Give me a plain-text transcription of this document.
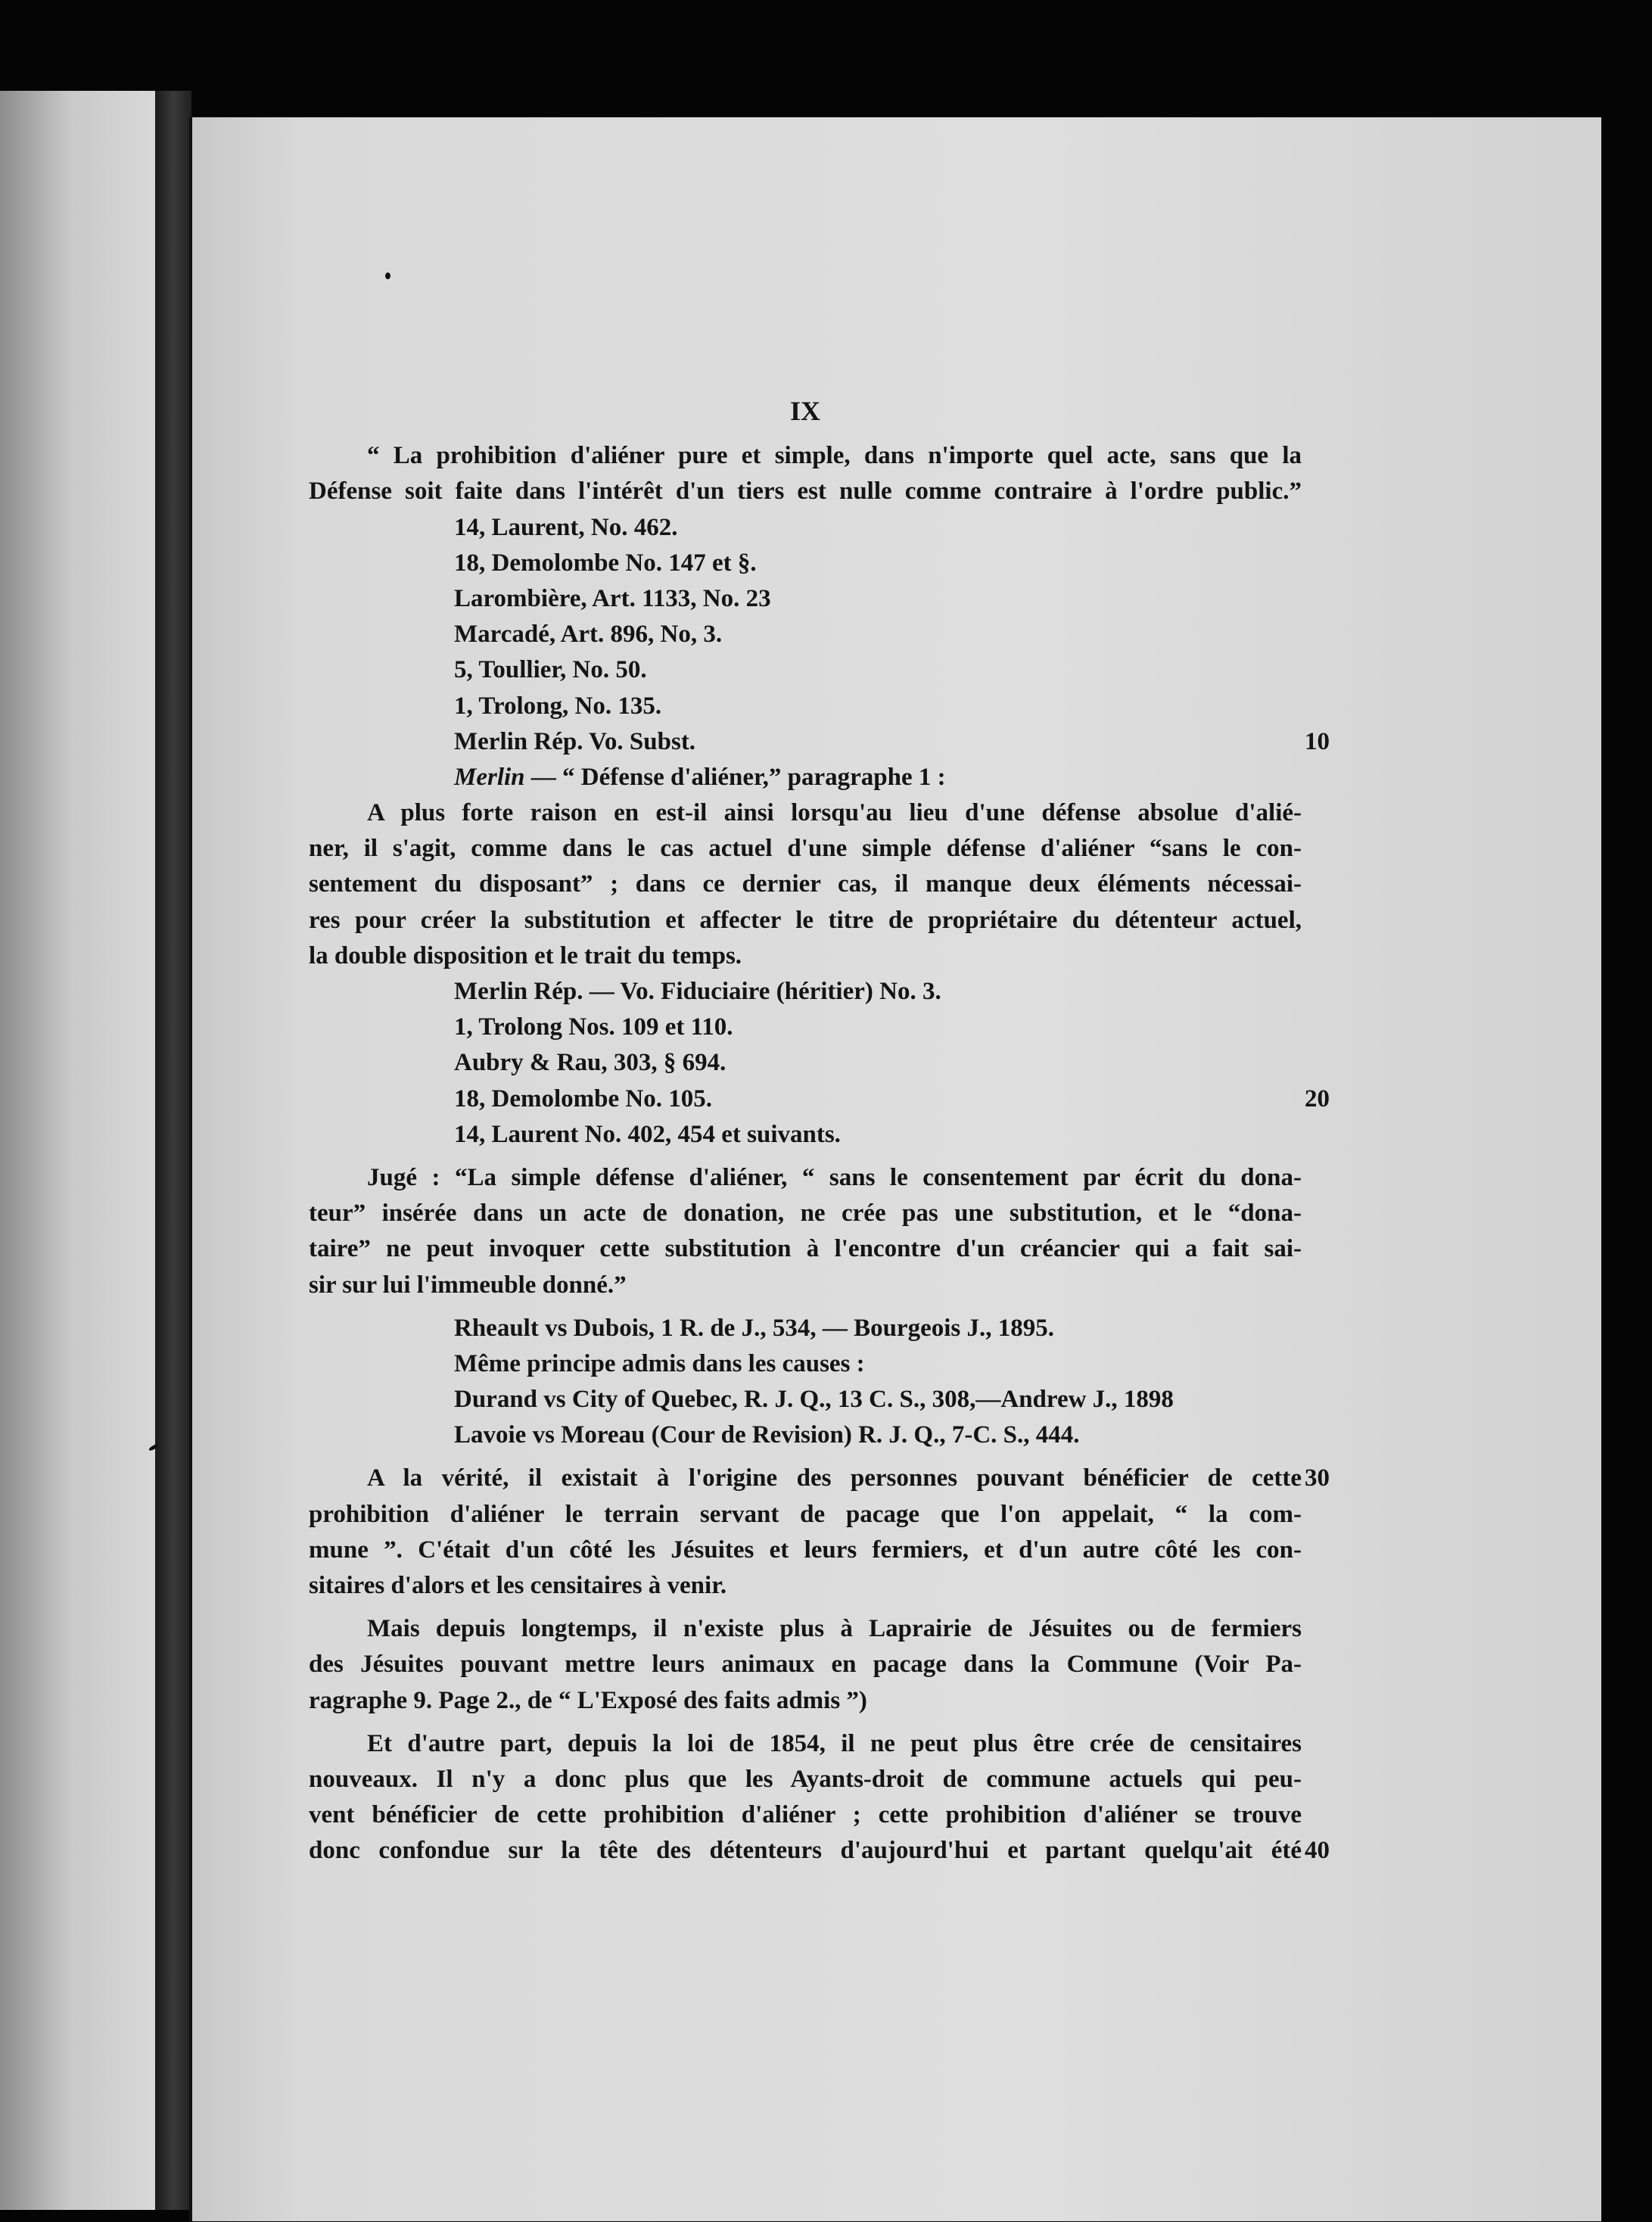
IX
“ La prohibition d'aliéner pure et simple, dans n'importe quel acte, sans que la
Défense soit faite dans l'intérêt d'un tiers est nulle comme contraire à l'ordre public.”
14, Laurent, No. 462.
18, Demolombe No. 147 et §.
Larombière, Art. 1133, No. 23
Marcadé, Art. 896, No, 3.
5, Toullier, No. 50.
1, Trolong, No. 135.
Merlin Rép. Vo. Subst.
Merlin — “ Défense d'aliéner,” paragraphe 1 :
A plus forte raison en est-il ainsi lorsqu'au lieu d'une défense absolue d'alié-
ner, il s'agit, comme dans le cas actuel d'une simple défense d'aliéner “sans le con-
sentement du disposant” ; dans ce dernier cas, il manque deux éléments nécessai-
res pour créer la substitution et affecter le titre de propriétaire du détenteur actuel,
la double disposition et le trait du temps.
Merlin Rép. — Vo. Fiduciaire (héritier) No. 3.
1, Trolong Nos. 109 et 110.
Aubry & Rau, 303, § 694.
18, Demolombe No. 105.
14, Laurent No. 402, 454 et suivants.
Jugé : “La simple défense d'aliéner, “ sans le consentement par écrit du dona-
teur” insérée dans un acte de donation, ne crée pas une substitution, et le “dona-
taire” ne peut invoquer cette substitution à l'encontre d'un créancier qui a fait sai-
sir sur lui l'immeuble donné.”
Rheault vs Dubois, 1 R. de J., 534, — Bourgeois J., 1895.
Même principe admis dans les causes :
Durand vs City of Quebec, R. J. Q., 13 C. S., 308,—Andrew J., 1898
Lavoie vs Moreau (Cour de Revision) R. J. Q., 7-C. S., 444.
A la vérité, il existait à l'origine des personnes pouvant bénéficier de cette
prohibition d'aliéner le terrain servant de pacage que l'on appelait, “ la com-
mune ”. C'était d'un côté les Jésuites et leurs fermiers, et d'un autre côté les con-
sitaires d'alors et les censitaires à venir.
Mais depuis longtemps, il n'existe plus à Laprairie de Jésuites ou de fermiers
des Jésuites pouvant mettre leurs animaux en pacage dans la Commune (Voir Pa-
ragraphe 9. Page 2., de “ L'Exposé des faits admis ”)
Et d'autre part, depuis la loi de 1854, il ne peut plus être crée de censitaires
nouveaux. Il n'y a donc plus que les Ayants-droit de commune actuels qui peu-
vent bénéficier de cette prohibition d'aliéner ; cette prohibition d'aliéner se trouve
donc confondue sur la tête des détenteurs d'aujourd'hui et partant quelqu'ait été
10
20
30
40
